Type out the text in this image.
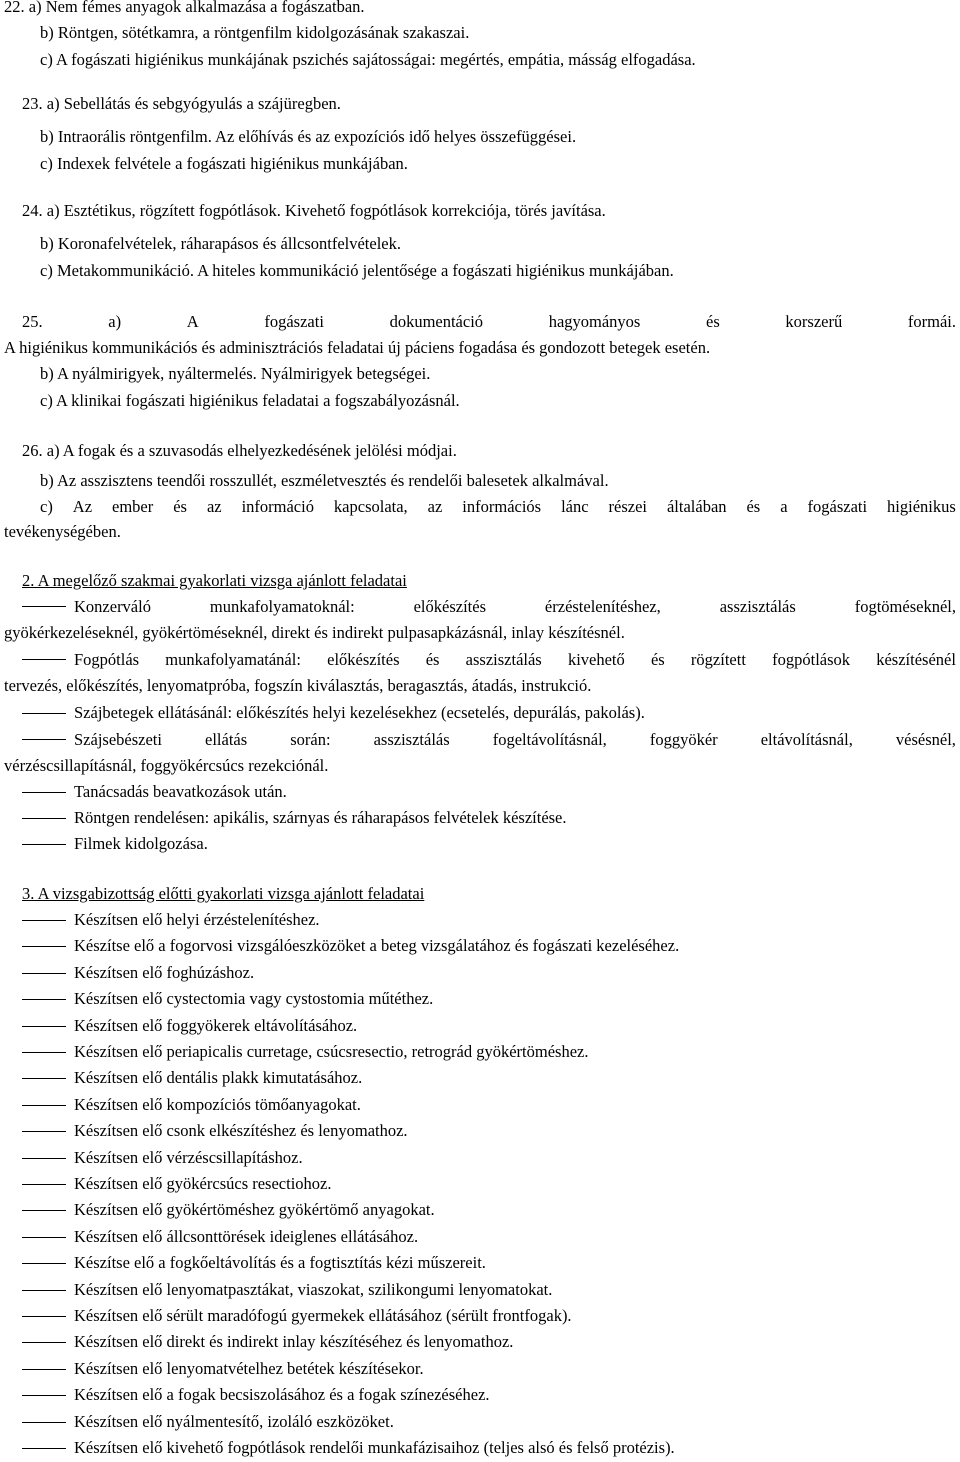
22. a) Nem fémes anyagok alkalmazása a fogászatban.
b) Röntgen, sötétkamra, a röntgenfilm kidolgozásának szakaszai.
c) A fogászati higiénikus munkájának pszichés sajátosságai: megértés, empátia, másság elfogadása.
23. a) Sebellátás és sebgyógyulás a szájüregben.
b) Intraorális röntgenfilm. Az előhívás és az expozíciós idő helyes összefüggései.
c) Indexek felvétele a fogászati higiénikus munkájában.
24. a) Esztétikus, rögzített fogpótlások. Kivehető fogpótlások korrekciója, törés javítása.
b) Koronafelvételek, ráharapásos és állcsontfelvételek.
c) Metakommunikáció. A hiteles kommunikáció jelentősége a fogászati higiénikus munkájában.
25.	a)	A	fogászati	dokumentáció	hagyományos	és	korszerű	formái.
A higiénikus kommunikációs és adminisztrációs feladatai új páciens fogadása és gondozott betegek esetén.
b) A nyálmirigyek, nyáltermelés. Nyálmirigyek betegségei.
c) A klinikai fogászati higiénikus feladatai a fogszabályozásnál.
26. a) A fogak és a szuvasodás elhelyezkedésének jelölési módjai.
b) Az asszisztens teendői rosszullét, eszméletvesztés és rendelői balesetek alkalmával.
c) Az ember és az információ kapcsolata, az információs lánc részei általában és a fogászati higiénikus
tevékenységében.
2. A megelőző szakmai gyakorlati vizsga ajánlott feladatai
Konzerváló	munkafolyamatoknál:	előkészítés	érzéstelenítéshez,	asszisztálás	fogtöméseknél,
gyökérkezeléseknél, gyökértöméseknél, direkt és indirekt pulpasapkázásnál, inlay készítésnél.
Fogpótlás munkafolyamatánál: előkészítés és asszisztálás kivehető és rögzített fogpótlások készítésénél
tervezés, előkészítés, lenyomatpróba, fogszín kiválasztás, beragasztás, átadás, instrukció.
Szájbetegek ellátásánál: előkészítés helyi kezelésekhez (ecsetelés, depurálás, pakolás).
Szájsebészeti	ellátás	során:	asszisztálás	fogeltávolításnál,	foggyökér	eltávolításnál,	vésésnél,
vérzéscsillapításnál, foggyökércsúcs rezekciónál.
Tanácsadás beavatkozások után.
Röntgen rendelésen: apikális, szárnyas és ráharapásos felvételek készítése.
Filmek kidolgozása.
3. A vizsgabizottság előtti gyakorlati vizsga ajánlott feladatai
Készítsen elő helyi érzéstelenítéshez.
Készítse elő a fogorvosi vizsgálóeszközöket a beteg vizsgálatához és fogászati kezeléséhez.
Készítsen elő foghúzáshoz.
Készítsen elő cystectomia vagy cystostomia műtéthez.
Készítsen elő foggyökerek eltávolításához.
Készítsen elő periapicalis curretage, csúcsresectio, retrográd gyökértöméshez.
Készítsen elő dentális plakk kimutatásához.
Készítsen elő kompozíciós tömőanyagokat.
Készítsen elő csonk elkészítéshez és lenyomathoz.
Készítsen elő vérzéscsillapításhoz.
Készítsen elő gyökércsúcs resectiohoz.
Készítsen elő gyökértöméshez gyökértömő anyagokat.
Készítsen elő állcsonttörések ideiglenes ellátásához.
Készítse elő a fogkőeltávolítás és a fogtisztítás kézi műszereit.
Készítsen elő lenyomatpasztákat, viaszokat, szilikongumi lenyomatokat.
Készítsen elő sérült maradófogú gyermekek ellátásához (sérült frontfogak).
Készítsen elő direkt és indirekt inlay készítéséhez és lenyomathoz.
Készítsen elő lenyomatvételhez betétek készítésekor.
Készítsen elő a fogak becsiszolásához és a fogak színezéséhez.
Készítsen elő nyálmentesítő, izoláló eszközöket.
Készítsen elő kivehető fogpótlások rendelői munkafázisaihoz (teljes alsó és felső protézis).
